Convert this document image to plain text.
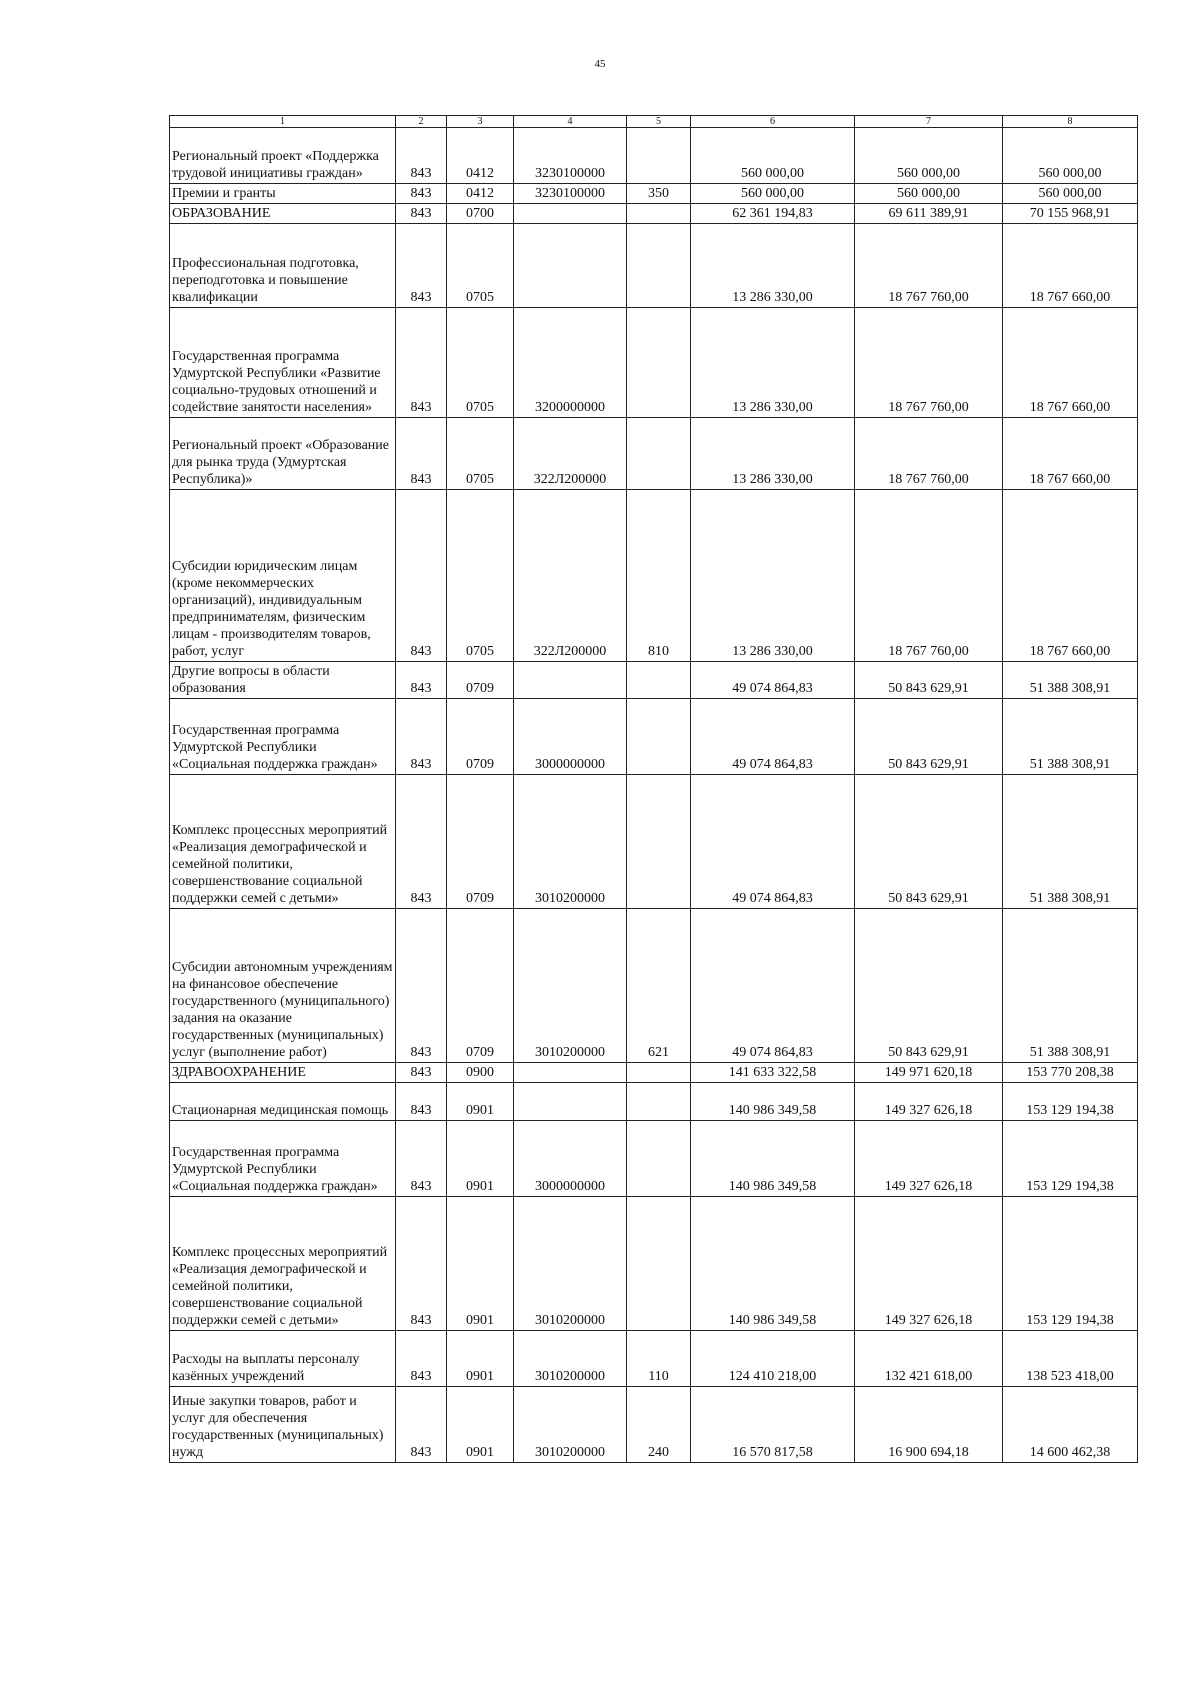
45
1	2	3	4	5	6	7	8
Региональный проект «Поддержка трудовой инициативы граждан»	843	0412	3230100000		560 000,00	560 000,00	560 000,00
Премии и гранты	843	0412	3230100000	350	560 000,00	560 000,00	560 000,00
ОБРАЗОВАНИЕ	843	0700			62 361 194,83	69 611 389,91	70 155 968,91
Профессиональная подготовка, переподготовка и повышение квалификации	843	0705			13 286 330,00	18 767 760,00	18 767 660,00
Государственная программа Удмуртской Республики «Развитие социально-трудовых отношений и содействие занятости населения»	843	0705	3200000000		13 286 330,00	18 767 760,00	18 767 660,00
Региональный проект «Образование для рынка труда (Удмуртская Республика)»	843	0705	322Л200000		13 286 330,00	18 767 760,00	18 767 660,00
Субсидии юридическим лицам (кроме некоммерческих организаций), индивидуальным предпринимателям, физическим лицам - производителям товаров, работ, услуг	843	0705	322Л200000	810	13 286 330,00	18 767 760,00	18 767 660,00
Другие вопросы в области образования	843	0709			49 074 864,83	50 843 629,91	51 388 308,91
Государственная программа Удмуртской Республики «Социальная поддержка граждан»	843	0709	3000000000		49 074 864,83	50 843 629,91	51 388 308,91
Комплекс процессных мероприятий «Реализация демографической и семейной политики, совершенствование социальной поддержки семей с детьми»	843	0709	3010200000		49 074 864,83	50 843 629,91	51 388 308,91
Субсидии автономным учреждениям на финансовое обеспечение государственного (муниципального) задания на оказание государственных (муниципальных) услуг (выполнение работ)	843	0709	3010200000	621	49 074 864,83	50 843 629,91	51 388 308,91
ЗДРАВООХРАНЕНИЕ	843	0900			141 633 322,58	149 971 620,18	153 770 208,38
Стационарная медицинская помощь	843	0901			140 986 349,58	149 327 626,18	153 129 194,38
Государственная программа Удмуртской Республики «Социальная поддержка граждан»	843	0901	3000000000		140 986 349,58	149 327 626,18	153 129 194,38
Комплекс процессных мероприятий «Реализация демографической и семейной политики, совершенствование социальной поддержки семей с детьми»	843	0901	3010200000		140 986 349,58	149 327 626,18	153 129 194,38
Расходы на выплаты персоналу казённых учреждений	843	0901	3010200000	110	124 410 218,00	132 421 618,00	138 523 418,00
Иные закупки товаров, работ и услуг для обеспечения государственных (муниципальных) нужд	843	0901	3010200000	240	16 570 817,58	16 900 694,18	14 600 462,38
